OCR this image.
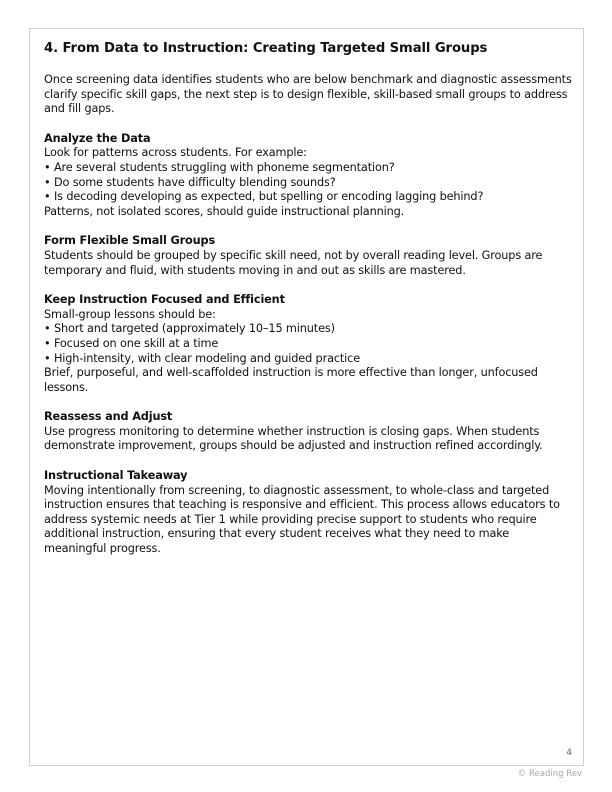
4. From Data to Instruction: Creating Targeted Small Groups

Once screening data identifies students who are below benchmark and diagnostic assessments clarify specific skill gaps, the next step is to design flexible, skill-based small groups to address and fill gaps.

Analyze the Data
Look for patterns across students. For example:
• Are several students struggling with phoneme segmentation?
• Do some students have difficulty blending sounds?
• Is decoding developing as expected, but spelling or encoding lagging behind?
Patterns, not isolated scores, should guide instructional planning.
Form Flexible Small Groups
Students should be grouped by specific skill need, not by overall reading level. Groups are temporary and fluid, with students moving in and out as skills are mastered.
Keep Instruction Focused and Efficient
Small-group lessons should be:
• Short and targeted (approximately 10–15 minutes)
• Focused on one skill at a time
• High-intensity, with clear modeling and guided practice
Brief, purposeful, and well-scaffolded instruction is more effective than longer, unfocused lessons.
Reassess and Adjust
Use progress monitoring to determine whether instruction is closing gaps. When students demonstrate improvement, groups should be adjusted and instruction refined accordingly.
Instructional Takeaway
Moving intentionally from screening, to diagnostic assessment, to whole-class and targeted instruction ensures that teaching is responsive and efficient. This process allows educators to address systemic needs at Tier 1 while providing precise support to students who require additional instruction, ensuring that every student receives what they need to make meaningful progress.
4
© Reading Rev
